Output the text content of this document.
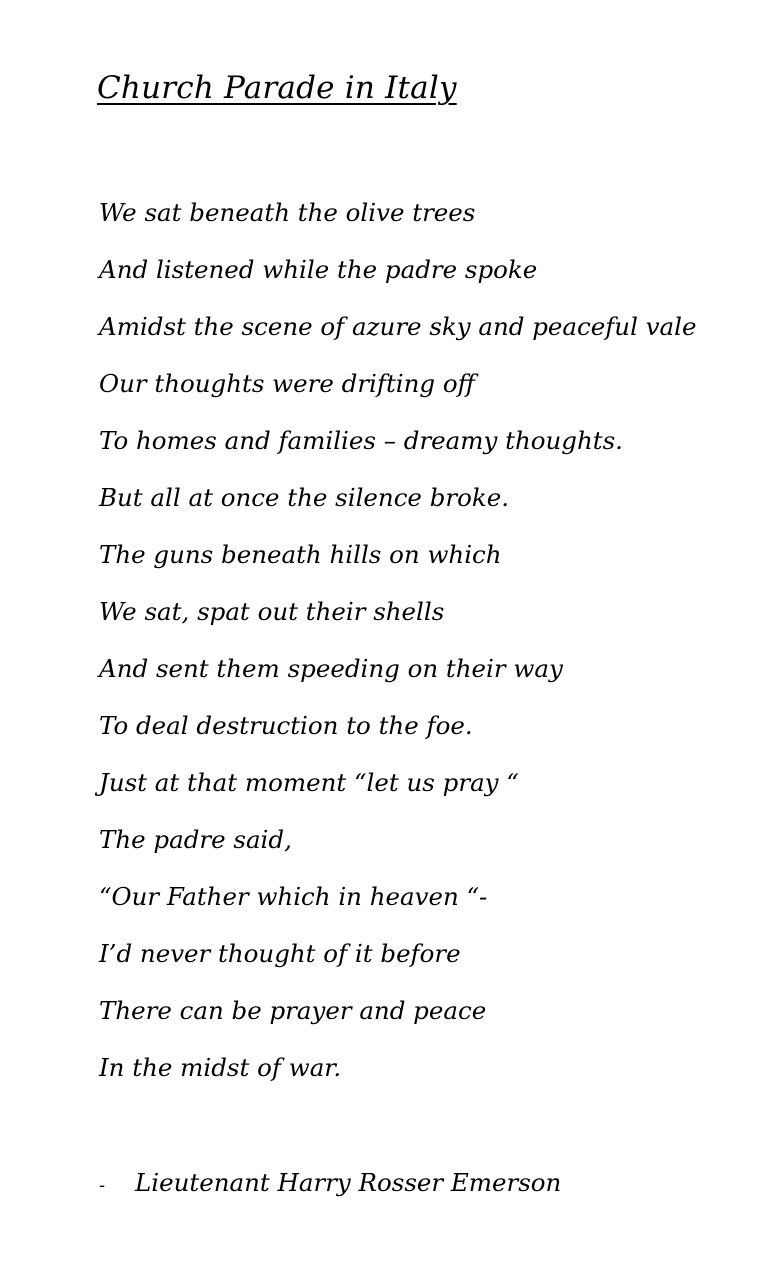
Church Parade in Italy
We sat beneath the olive trees
And listened while the padre spoke
Amidst the scene of azure sky and peaceful vale
Our thoughts were drifting off
To homes and families – dreamy thoughts.
But all at once the silence broke.
The guns beneath hills on which
We sat, spat out their shells
And sent them speeding on their way
To deal destruction to the foe.
Just at that moment “let us pray “
The padre said,
“Our Father which in heaven “-
I’d never thought of it before
There can be prayer and peace
In the midst of war.
- Lieutenant Harry Rosser Emerson
